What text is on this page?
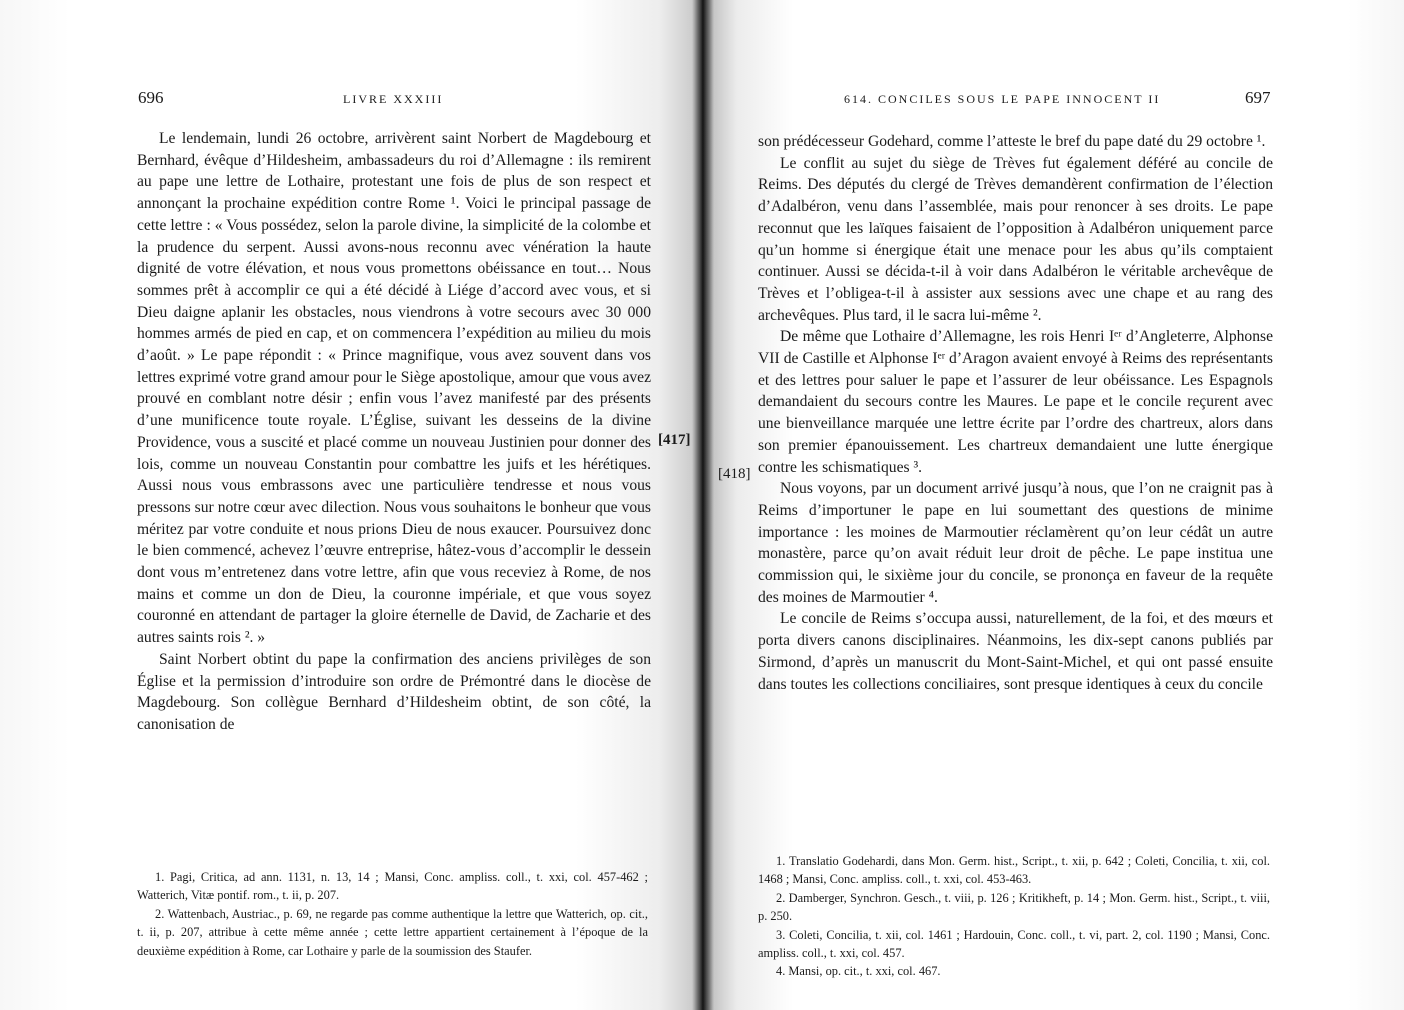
696	LIVRE XXXIII

Le lendemain, lundi 26 octobre, arrivèrent saint Norbert de Magdebourg et Bernhard, évêque d’Hildesheim, ambassadeurs du roi d’Allemagne : ils remirent au pape une lettre de Lothaire, protestant une fois de plus de son respect et annonçant la prochaine expédition contre Rome ¹. Voici le principal passage de cette lettre : « Vous possédez, selon la parole divine, la simplicité de la colombe et la prudence du serpent. Aussi avons-nous reconnu avec vénération la haute dignité de votre élévation, et nous vous promettons obéissance en tout… Nous sommes prêt à accomplir ce qui a été décidé à Liége d’accord avec vous, et si Dieu daigne aplanir les obstacles, nous viendrons à votre secours avec 30 000 hommes armés de pied en cap, et on commencera l’expédition au milieu du mois d’août. » Le pape répondit : « Prince magnifique, vous avez souvent dans vos lettres exprimé votre grand amour pour le Siège apostolique, amour que vous avez prouvé en comblant notre désir ; enfin vous l’avez manifesté par des présents d’une munificence toute royale. L’Église, suivant les desseins de la divine Providence, vous a suscité et placé comme un nouveau Justinien pour donner des lois, comme un nouveau Constantin pour combattre les juifs et les hérétiques. Aussi nous vous embrassons avec une particulière tendresse et nous vous pressons sur notre cœur avec dilection. Nous vous souhaitons le bonheur que vous méritez par votre conduite et nous prions Dieu de nous exaucer. Poursuivez donc le bien commencé, achevez l’œuvre entreprise, hâtez-vous d’accomplir le dessein dont vous m’entretenez dans votre lettre, afin que vous receviez à Rome, de nos mains et comme un don de Dieu, la couronne impériale, et que vous soyez couronné en attendant de partager la gloire éternelle de David, de Zacharie et des autres saints rois ². »

Saint Norbert obtint du pape la confirmation des anciens privilèges de son Église et la permission d’introduire son ordre de Prémontré dans le diocèse de Magdebourg. Son collègue Bernhard d’Hildesheim obtint, de son côté, la canonisation de

1. Pagi, Critica, ad ann. 1131, n. 13, 14 ; Mansi, Conc. ampliss. coll., t. xxi, col. 457-462 ; Watterich, Vitæ pontif. rom., t. ii, p. 207.

2. Wattenbach, Austriac., p. 69, ne regarde pas comme authentique la lettre que Watterich, op. cit., t. ii, p. 207, attribue à cette même année ; cette lettre appartient certainement à l’époque de la deuxième expédition à Rome, car Lothaire y parle de la soumission des Staufer.

[417]
614. CONCILES SOUS LE PAPE INNOCENT II	697

son prédécesseur Godehard, comme l’atteste le bref du pape daté du 29 octobre ¹.

Le conflit au sujet du siège de Trèves fut également déféré au concile de Reims. Des députés du clergé de Trèves demandèrent confirmation de l’élection d’Adalbéron, venu dans l’assemblée, mais pour renoncer à ses droits. Le pape reconnut que les laïques faisaient de l’opposition à Adalbéron uniquement parce qu’un homme si énergique était une menace pour les abus qu’ils comptaient continuer. Aussi se décida-t-il à voir dans Adalbéron le véritable archevêque de Trèves et l’obligea-t-il à assister aux sessions avec une chape et au rang des archevêques. Plus tard, il le sacra lui-même ².

De même que Lothaire d’Allemagne, les rois Henri Iᵉʳ d’Angleterre, Alphonse VII de Castille et Alphonse Iᵉʳ d’Aragon avaient envoyé à Reims des représentants et des lettres pour saluer le pape et l’assurer de leur obéissance. Les Espagnols demandaient du secours contre les Maures. Le pape et le concile reçurent avec une bienveillance marquée une lettre écrite par l’ordre des chartreux, alors dans son premier épanouissement. Les chartreux demandaient une lutte énergique contre les schismatiques ³.

Nous voyons, par un document arrivé jusqu’à nous, que l’on ne craignit pas à Reims d’importuner le pape en lui soumettant des questions de minime importance : les moines de Marmoutier réclamèrent qu’on leur cédât un autre monastère, parce qu’on avait réduit leur droit de pêche. Le pape institua une commission qui, le sixième jour du concile, se prononça en faveur de la requête des moines de Marmoutier ⁴.

Le concile de Reims s’occupa aussi, naturellement, de la foi, et des mœurs et porta divers canons disciplinaires. Néanmoins, les dix-sept canons publiés par Sirmond, d’après un manuscrit du Mont-Saint-Michel, et qui ont passé ensuite dans toutes les collections conciliaires, sont presque identiques à ceux du concile

1. Translatio Godehardi, dans Mon. Germ. hist., Script., t. xii, p. 642 ; Coleti, Concilia, t. xii, col. 1468 ; Mansi, Conc. ampliss. coll., t. xxi, col. 453-463.

2. Damberger, Synchron. Gesch., t. viii, p. 126 ; Kritikheft, p. 14 ; Mon. Germ. hist., Script., t. viii, p. 250.

3. Coleti, Concilia, t. xii, col. 1461 ; Hardouin, Conc. coll., t. vi, part. 2, col. 1190 ; Mansi, Conc. ampliss. coll., t. xxi, col. 457.

4. Mansi, op. cit., t. xxi, col. 467.

[418]
